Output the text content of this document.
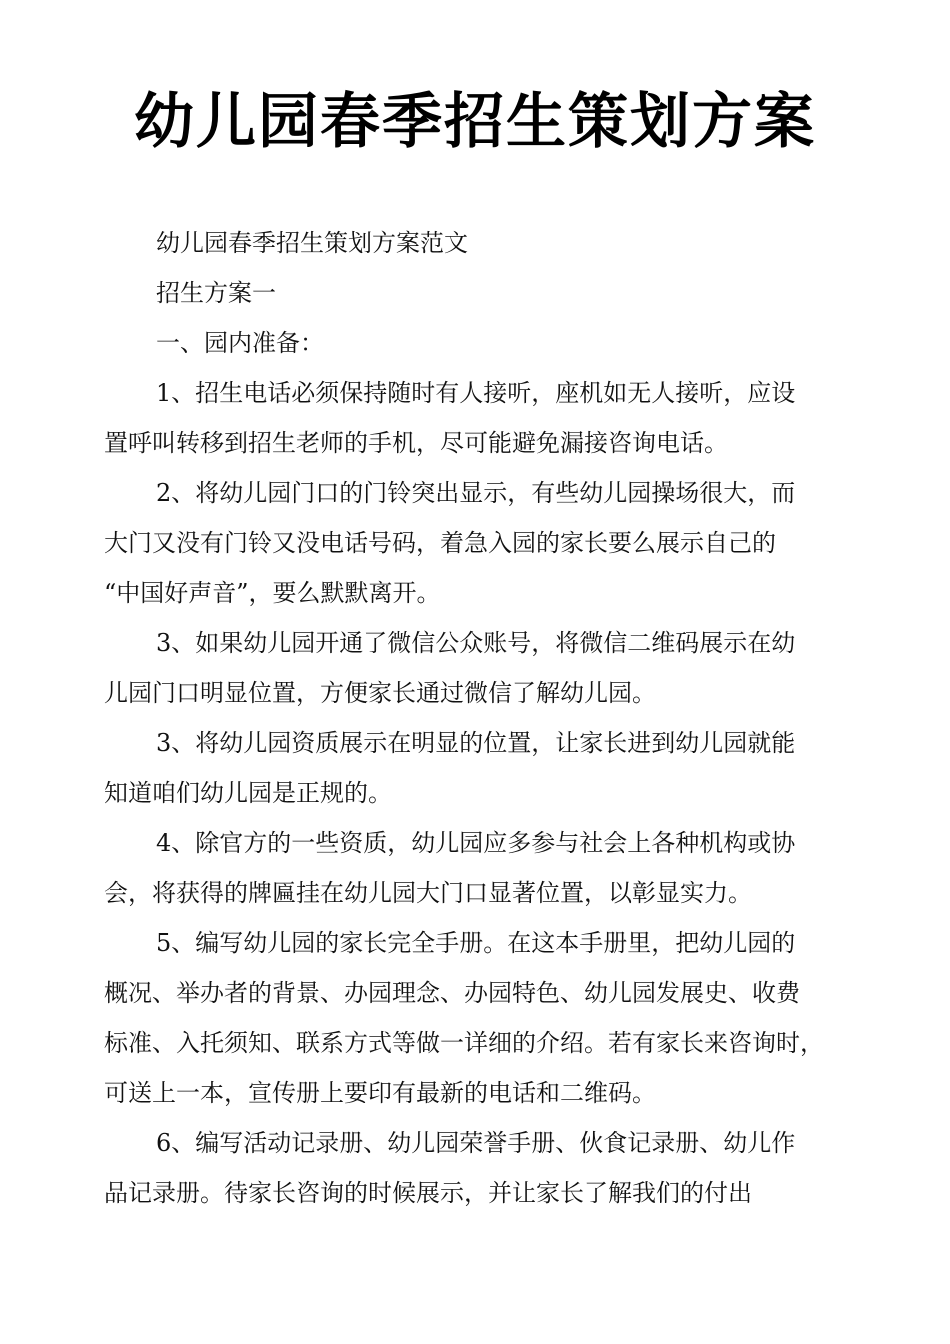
幼儿园春季招生策划方案
幼儿园春季招生策划方案范文
招生方案一
一、园内准备：
1、招生电话必须保持随时有人接听，座机如无人接听，应设
置呼叫转移到招生老师的手机，尽可能避免漏接咨询电话。
2、将幼儿园门口的门铃突出显示，有些幼儿园操场很大，而
大门又没有门铃又没电话号码，着急入园的家长要么展示自己的
“中国好声音”，要么默默离开。
3、如果幼儿园开通了微信公众账号，将微信二维码展示在幼
儿园门口明显位置，方便家长通过微信了解幼儿园。
3、将幼儿园资质展示在明显的位置，让家长进到幼儿园就能
知道咱们幼儿园是正规的。
4、除官方的一些资质，幼儿园应多参与社会上各种机构或协
会，将获得的牌匾挂在幼儿园大门口显著位置，以彰显实力。
5、编写幼儿园的家长完全手册。在这本手册里，把幼儿园的
概况、举办者的背景、办园理念、办园特色、幼儿园发展史、收费
标准、入托须知、联系方式等做一详细的介绍。若有家长来咨询时，
可送上一本，宣传册上要印有最新的电话和二维码。
6、编写活动记录册、幼儿园荣誉手册、伙食记录册、幼儿作
品记录册。待家长咨询的时候展示，并让家长了解我们的付出
